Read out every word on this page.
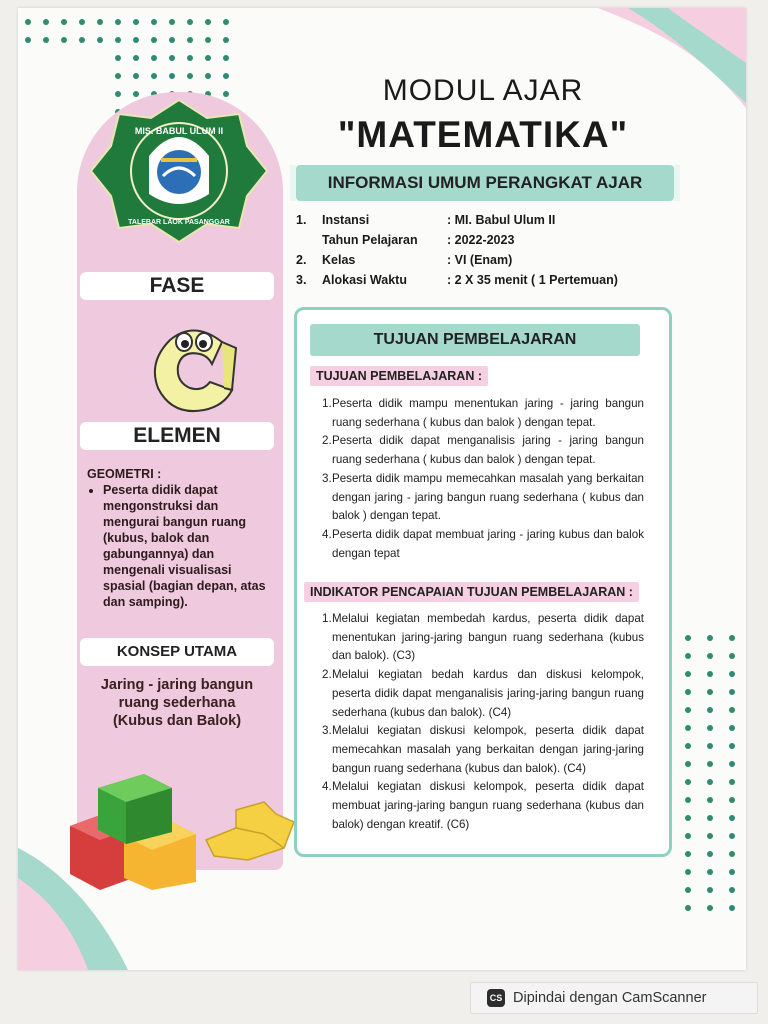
MIS. BABUL ULUM II
TALEBAR LAOK PASANGGAR
FASE
ELEMEN
GEOMETRI :
• Peserta didik dapat mengonstruksi dan mengurai bangun ruang (kubus, balok dan gabungannya) dan mengenali visualisasi spasial (bagian depan, atas dan samping).
KONSEP UTAMA
Jaring - jaring bangun
ruang sederhana
(Kubus dan Balok)
MODUL AJAR
"MATEMATIKA"
INFORMASI UMUM PERANGKAT AJAR
1.	Instansi	: MI. Babul Ulum II
Tahun Pelajaran	: 2022-2023
2.	Kelas	: VI (Enam)
3.	Alokasi Waktu	: 2 X 35 menit ( 1 Pertemuan)
TUJUAN PEMBELAJARAN
TUJUAN PEMBELAJARAN :
1. Peserta didik mampu menentukan jaring - jaring bangun ruang sederhana ( kubus dan balok ) dengan tepat.
2. Peserta didik dapat menganalisis jaring - jaring bangun ruang sederhana ( kubus dan balok ) dengan tepat.
3. Peserta didik mampu memecahkan masalah yang berkaitan dengan jaring - jaring bangun ruang sederhana ( kubus dan balok ) dengan tepat.
4. Peserta didik dapat membuat jaring - jaring kubus dan balok dengan tepat
INDIKATOR PENCAPAIAN TUJUAN PEMBELAJARAN :
1. Melalui kegiatan membedah kardus, peserta didik dapat menentukan jaring-jaring bangun ruang sederhana (kubus dan balok). (C3)
2. Melalui kegiatan bedah kardus dan diskusi kelompok, peserta didik dapat menganalisis jaring-jaring bangun ruang sederhana (kubus dan balok). (C4)
3. Melalui kegiatan diskusi kelompok, peserta didik dapat memecahkan masalah yang berkaitan dengan jaring-jaring bangun ruang sederhana (kubus dan balok). (C4)
4. Melalui kegiatan diskusi kelompok, peserta didik dapat membuat jaring-jaring bangun ruang sederhana (kubus dan balok) dengan kreatif. (C6)
CS Dipindai dengan CamScanner
